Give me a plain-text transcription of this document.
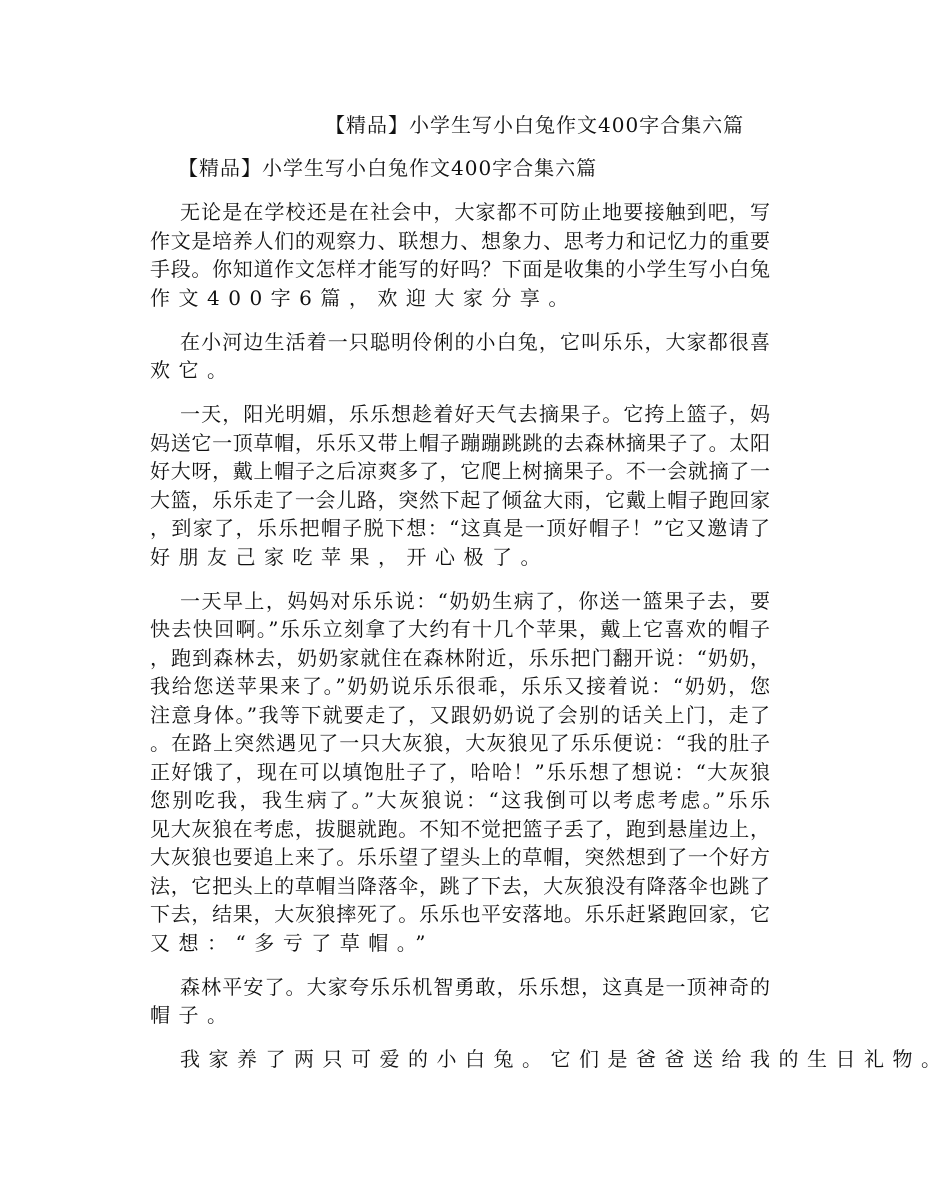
【精品】小学生写小白兔作文400字合集六篇
【精品】小学生写小白兔作文400字合集六篇
无论是在学校还是在社会中，大家都不可防止地要接触到吧，写
作文是培养人们的观察力、联想力、想象力、思考力和记忆力的重要
手段。你知道作文怎样才能写的好吗？下面是收集的小学生写小白兔
作文400字6篇，欢迎大家分享。
在小河边生活着一只聪明伶俐的小白兔，它叫乐乐，大家都很喜
欢它。
一天，阳光明媚，乐乐想趁着好天气去摘果子。它挎上篮子，妈
妈送它一顶草帽，乐乐又带上帽子蹦蹦跳跳的去森林摘果子了。太阳
好大呀，戴上帽子之后凉爽多了，它爬上树摘果子。不一会就摘了一
大篮，乐乐走了一会儿路，突然下起了倾盆大雨，它戴上帽子跑回家
，到家了，乐乐把帽子脱下想：“这真是一顶好帽子！”它又邀请了
好朋友己家吃苹果，开心极了。
一天早上，妈妈对乐乐说：“奶奶生病了，你送一篮果子去，要
快去快回啊。”乐乐立刻拿了大约有十几个苹果，戴上它喜欢的帽子
，跑到森林去，奶奶家就住在森林附近，乐乐把门翻开说：“奶奶，
我给您送苹果来了。”奶奶说乐乐很乖，乐乐又接着说：“奶奶，您
注意身体。”我等下就要走了，又跟奶奶说了会别的话关上门，走了
。在路上突然遇见了一只大灰狼，大灰狼见了乐乐便说：“我的肚子
正好饿了，现在可以填饱肚子了，哈哈！”乐乐想了想说：“大灰狼
您别吃我，我生病了。”大灰狼说：“这我倒可以考虑考虑。”乐乐
见大灰狼在考虑，拔腿就跑。不知不觉把篮子丢了，跑到悬崖边上，
大灰狼也要追上来了。乐乐望了望头上的草帽，突然想到了一个好方
法，它把头上的草帽当降落伞，跳了下去，大灰狼没有降落伞也跳了
下去，结果，大灰狼摔死了。乐乐也平安落地。乐乐赶紧跑回家，它
又想：“多亏了草帽。”
森林平安了。大家夸乐乐机智勇敢，乐乐想，这真是一顶神奇的
帽子。
我家养了两只可爱的小白兔。它们是爸爸送给我的生日礼物。
